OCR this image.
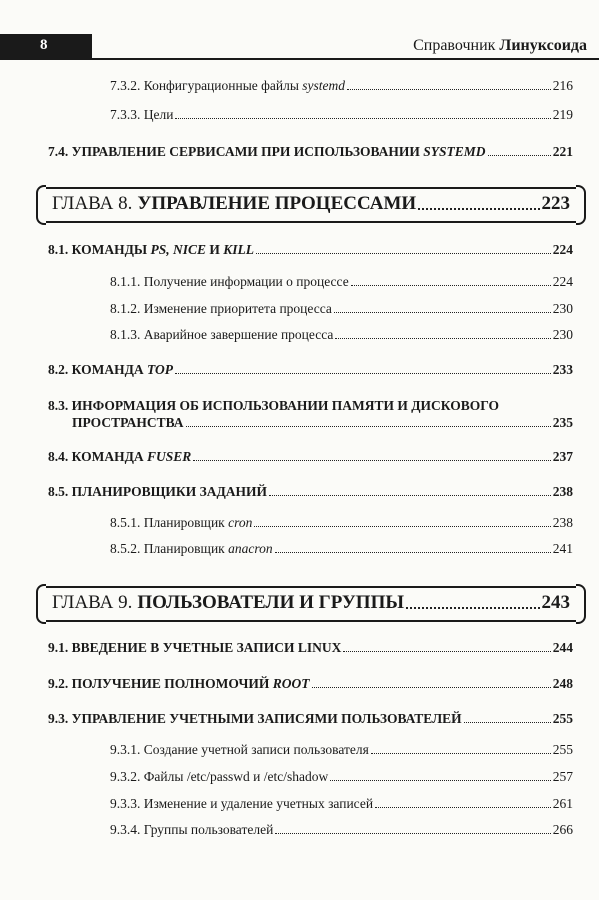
8	Справочник Линуксоида
7.3.2. Конфигурационные файлы systemd	216
7.3.3. Цели	219
7.4. УПРАВЛЕНИЕ СЕРВИСАМИ ПРИ ИСПОЛЬЗОВАНИИ SYSTEMD	221
ГЛАВА 8. УПРАВЛЕНИЕ ПРОЦЕССАМИ	223
8.1. КОМАНДЫ PS, NICE И KILL	224
8.1.1. Получение информации о процессе	224
8.1.2. Изменение приоритета процесса	230
8.1.3. Аварийное завершение процесса	230
8.2. КОМАНДА TOP	233
8.3. ИНФОРМАЦИЯ ОБ ИСПОЛЬЗОВАНИИ ПАМЯТИ И ДИСКОВОГО
ПРОСТРАНСТВА	235
8.4. КОМАНДА FUSER	237
8.5. ПЛАНИРОВЩИКИ ЗАДАНИЙ	238
8.5.1. Планировщик cron	238
8.5.2. Планировщик anacron	241
ГЛАВА 9. ПОЛЬЗОВАТЕЛИ И ГРУППЫ	243
9.1. ВВЕДЕНИЕ В УЧЕТНЫЕ ЗАПИСИ LINUX	244
9.2. ПОЛУЧЕНИЕ ПОЛНОМОЧИЙ ROOT	248
9.3. УПРАВЛЕНИЕ УЧЕТНЫМИ ЗАПИСЯМИ ПОЛЬЗОВАТЕЛЕЙ	255
9.3.1. Создание учетной записи пользователя	255
9.3.2. Файлы /etc/passwd и /etc/shadow	257
9.3.3. Изменение и удаление учетных записей	261
9.3.4. Группы пользователей	266
